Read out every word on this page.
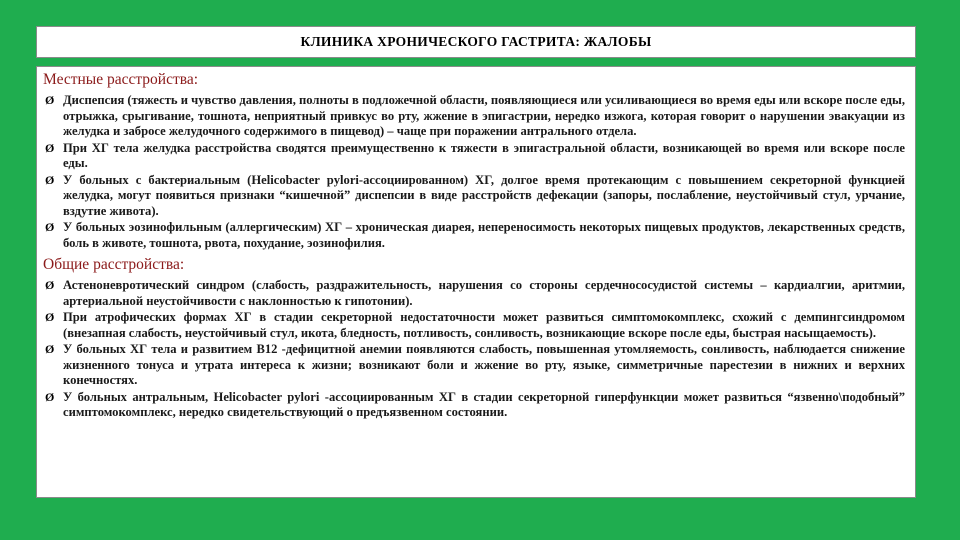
КЛИНИКА ХРОНИЧЕСКОГО ГАСТРИТА: ЖАЛОБЫ
Местные расстройства:
Ø Диспепсия (тяжесть и чувство давления, полноты в подложечной области, появляющиеся или усиливающиеся во время еды или вскоре после еды, отрыжка, срыгивание, тошнота, неприятный привкус во рту, жжение в эпигастрии, нередко изжога, которая говорит о нарушении эвакуации из желудка и забросе желудочного содержимого в пищевод) – чаще при поражении антрального отдела.
Ø При ХГ тела желудка расстройства сводятся преимущественно к тяжести в эпигастральной области, возникающей во время или вскоре после еды.
Ø У больных с бактериальным (Helicobacter pylori-ассоциированном) ХГ, долгое время протекающим с повышением секреторной функцией желудка, могут появиться признаки “кишечной” диспепсии в виде расстройств дефекации (запоры, послабление, неустойчивый стул, урчание, вздутие живота).
Ø У больных эозинофильным (аллергическим) ХГ – хроническая диарея, непереносимость некоторых пищевых продуктов, лекарственных средств, боль в животе, тошнота, рвота, похудание, эозинофилия.
Общие расстройства:
Ø Астеноневротический синдром (слабость, раздражительность, нарушения со стороны сердечнососудистой системы – кардиалгии, аритмии, артериальной неустойчивости с наклонностью к гипотонии).
Ø При атрофических формах ХГ в стадии секреторной недостаточности может развиться симптомокомплекс, схожий с демпингсиндромом (внезапная слабость, неустойчивый стул, икота, бледность, потливость, сонливость, возникающие вскоре после еды, быстрая насыщаемость).
Ø У больных ХГ тела и развитием В12 -дефицитной анемии появляются слабость, повышенная утомляемость, сонливость, наблюдается снижение жизненного тонуса и утрата интереса к жизни; возникают боли и жжение во рту, языке, симметричные парестезии в нижних и верхних конечностях.
Ø У больных антральным, Helicobacter pylori -ассоциированным ХГ в стадии секреторной гиперфункции может развиться “язвенно\подобный” симптомокомплекс, нередко свидетельствующий о предъязвенном состоянии.
